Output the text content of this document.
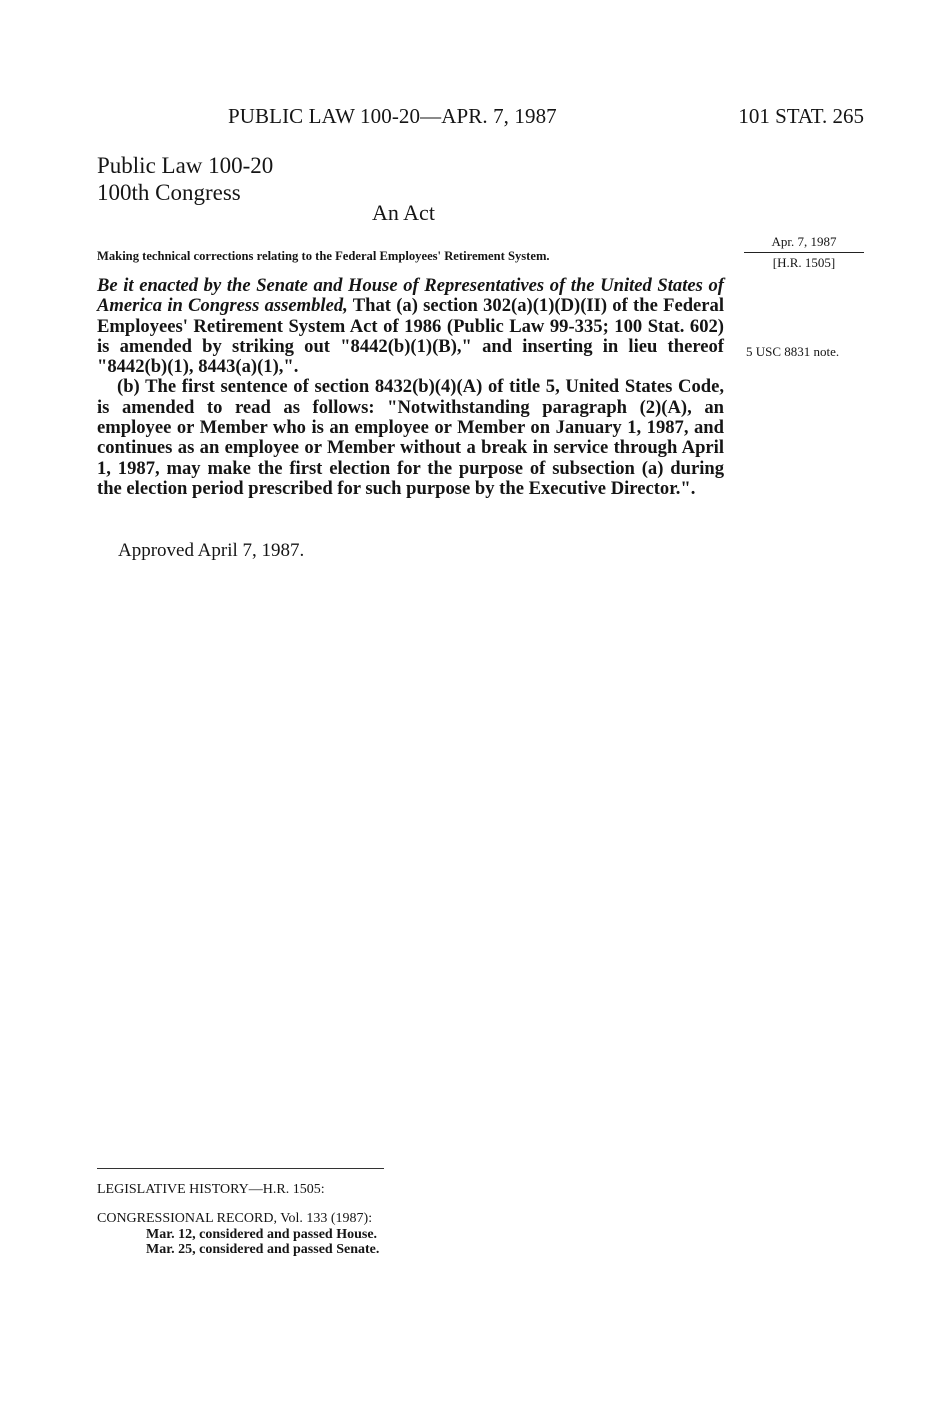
PUBLIC LAW 100-20—APR. 7, 1987	101 STAT. 265
Public Law 100-20
100th Congress
An Act
Making technical corrections relating to the Federal Employees' Retirement System.
Apr. 7, 1987
[H.R. 1505]

Be it enacted by the Senate and House of Representatives of the United States of America in Congress assembled, That (a) section 302(a)(1)(D)(II) of the Federal Employees' Retirement System Act of 1986 (Public Law 99-335; 100 Stat. 602) is amended by striking out "8442(b)(1)(B)," and inserting in lieu thereof "8442(b)(1), 8443(a)(1),".

(b) The first sentence of section 8432(b)(4)(A) of title 5, United States Code, is amended to read as follows: "Notwithstanding paragraph (2)(A), an employee or Member who is an employee or Member on January 1, 1987, and continues as an employee or Member without a break in service through April 1, 1987, may make the first election for the purpose of subsection (a) during the election period prescribed for such purpose by the Executive Director.".

5 USC 8831 note.
Approved April 7, 1987.
LEGISLATIVE HISTORY—H.R. 1505:
CONGRESSIONAL RECORD, Vol. 133 (1987):
Mar. 12, considered and passed House.
Mar. 25, considered and passed Senate.
